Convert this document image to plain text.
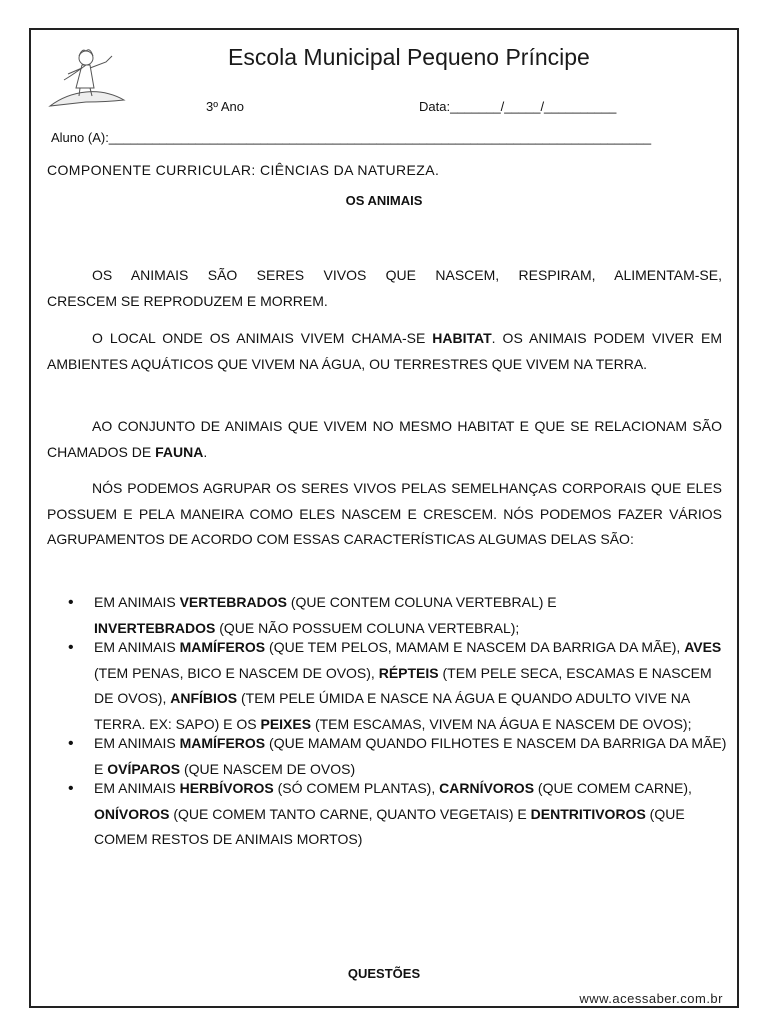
Escola Municipal Pequeno Príncipe
3º Ano	Data:_______/_____/__________
Aluno (A):___________________________________________________________________________
COMPONENTE CURRICULAR: CIÊNCIAS DA NATUREZA.
OS ANIMAIS

OS ANIMAIS SÃO SERES VIVOS QUE NASCEM, RESPIRAM, ALIMENTAM-SE,

CRESCEM SE REPRODUZEM E MORREM.

O LOCAL ONDE OS ANIMAIS VIVEM CHAMA-SE HABITAT. OS ANIMAIS PODEM VIVER EM AMBIENTES AQUÁTICOS QUE VIVEM NA ÁGUA, OU TERRESTRES QUE VIVEM NA TERRA.

AO CONJUNTO DE ANIMAIS QUE VIVEM NO MESMO HABITAT E QUE SE RELACIONAM SÃO CHAMADOS DE FAUNA.

NÓS PODEMOS AGRUPAR OS SERES VIVOS PELAS SEMELHANÇAS CORPORAIS QUE ELES POSSUEM E PELA MANEIRA COMO ELES NASCEM E CRESCEM. NÓS PODEMOS FAZER VÁRIOS AGRUPAMENTOS DE ACORDO COM ESSAS CARACTERÍSTICAS ALGUMAS DELAS SÃO:

• EM ANIMAIS VERTEBRADOS (QUE CONTEM COLUNA VERTEBRAL) E
INVERTEBRADOS (QUE NÃO POSSUEM COLUNA VERTEBRAL);
• EM ANIMAIS MAMÍFEROS (QUE TEM PELOS, MAMAM E NASCEM DA BARRIGA DA MÃE), AVES (TEM PENAS, BICO E NASCEM DE OVOS), RÉPTEIS (TEM PELE SECA, ESCAMAS E NASCEM DE OVOS), ANFÍBIOS (TEM PELE ÚMIDA E NASCE NA ÁGUA E QUANDO ADULTO VIVE NA TERRA. EX: SAPO) E OS PEIXES (TEM ESCAMAS, VIVEM NA ÁGUA E NASCEM DE OVOS);
• EM ANIMAIS MAMÍFEROS (QUE MAMAM QUANDO FILHOTES E NASCEM DA BARRIGA DA MÃE) E OVÍPAROS (QUE NASCEM DE OVOS)
• EM ANIMAIS HERBÍVOROS (SÓ COMEM PLANTAS), CARNÍVOROS (QUE COMEM CARNE), ONÍVOROS (QUE COMEM TANTO CARNE, QUANTO VEGETAIS) E DENTRITIVOROS (QUE COMEM RESTOS DE ANIMAIS MORTOS)
QUESTÕES
www.acessaber.com.br
